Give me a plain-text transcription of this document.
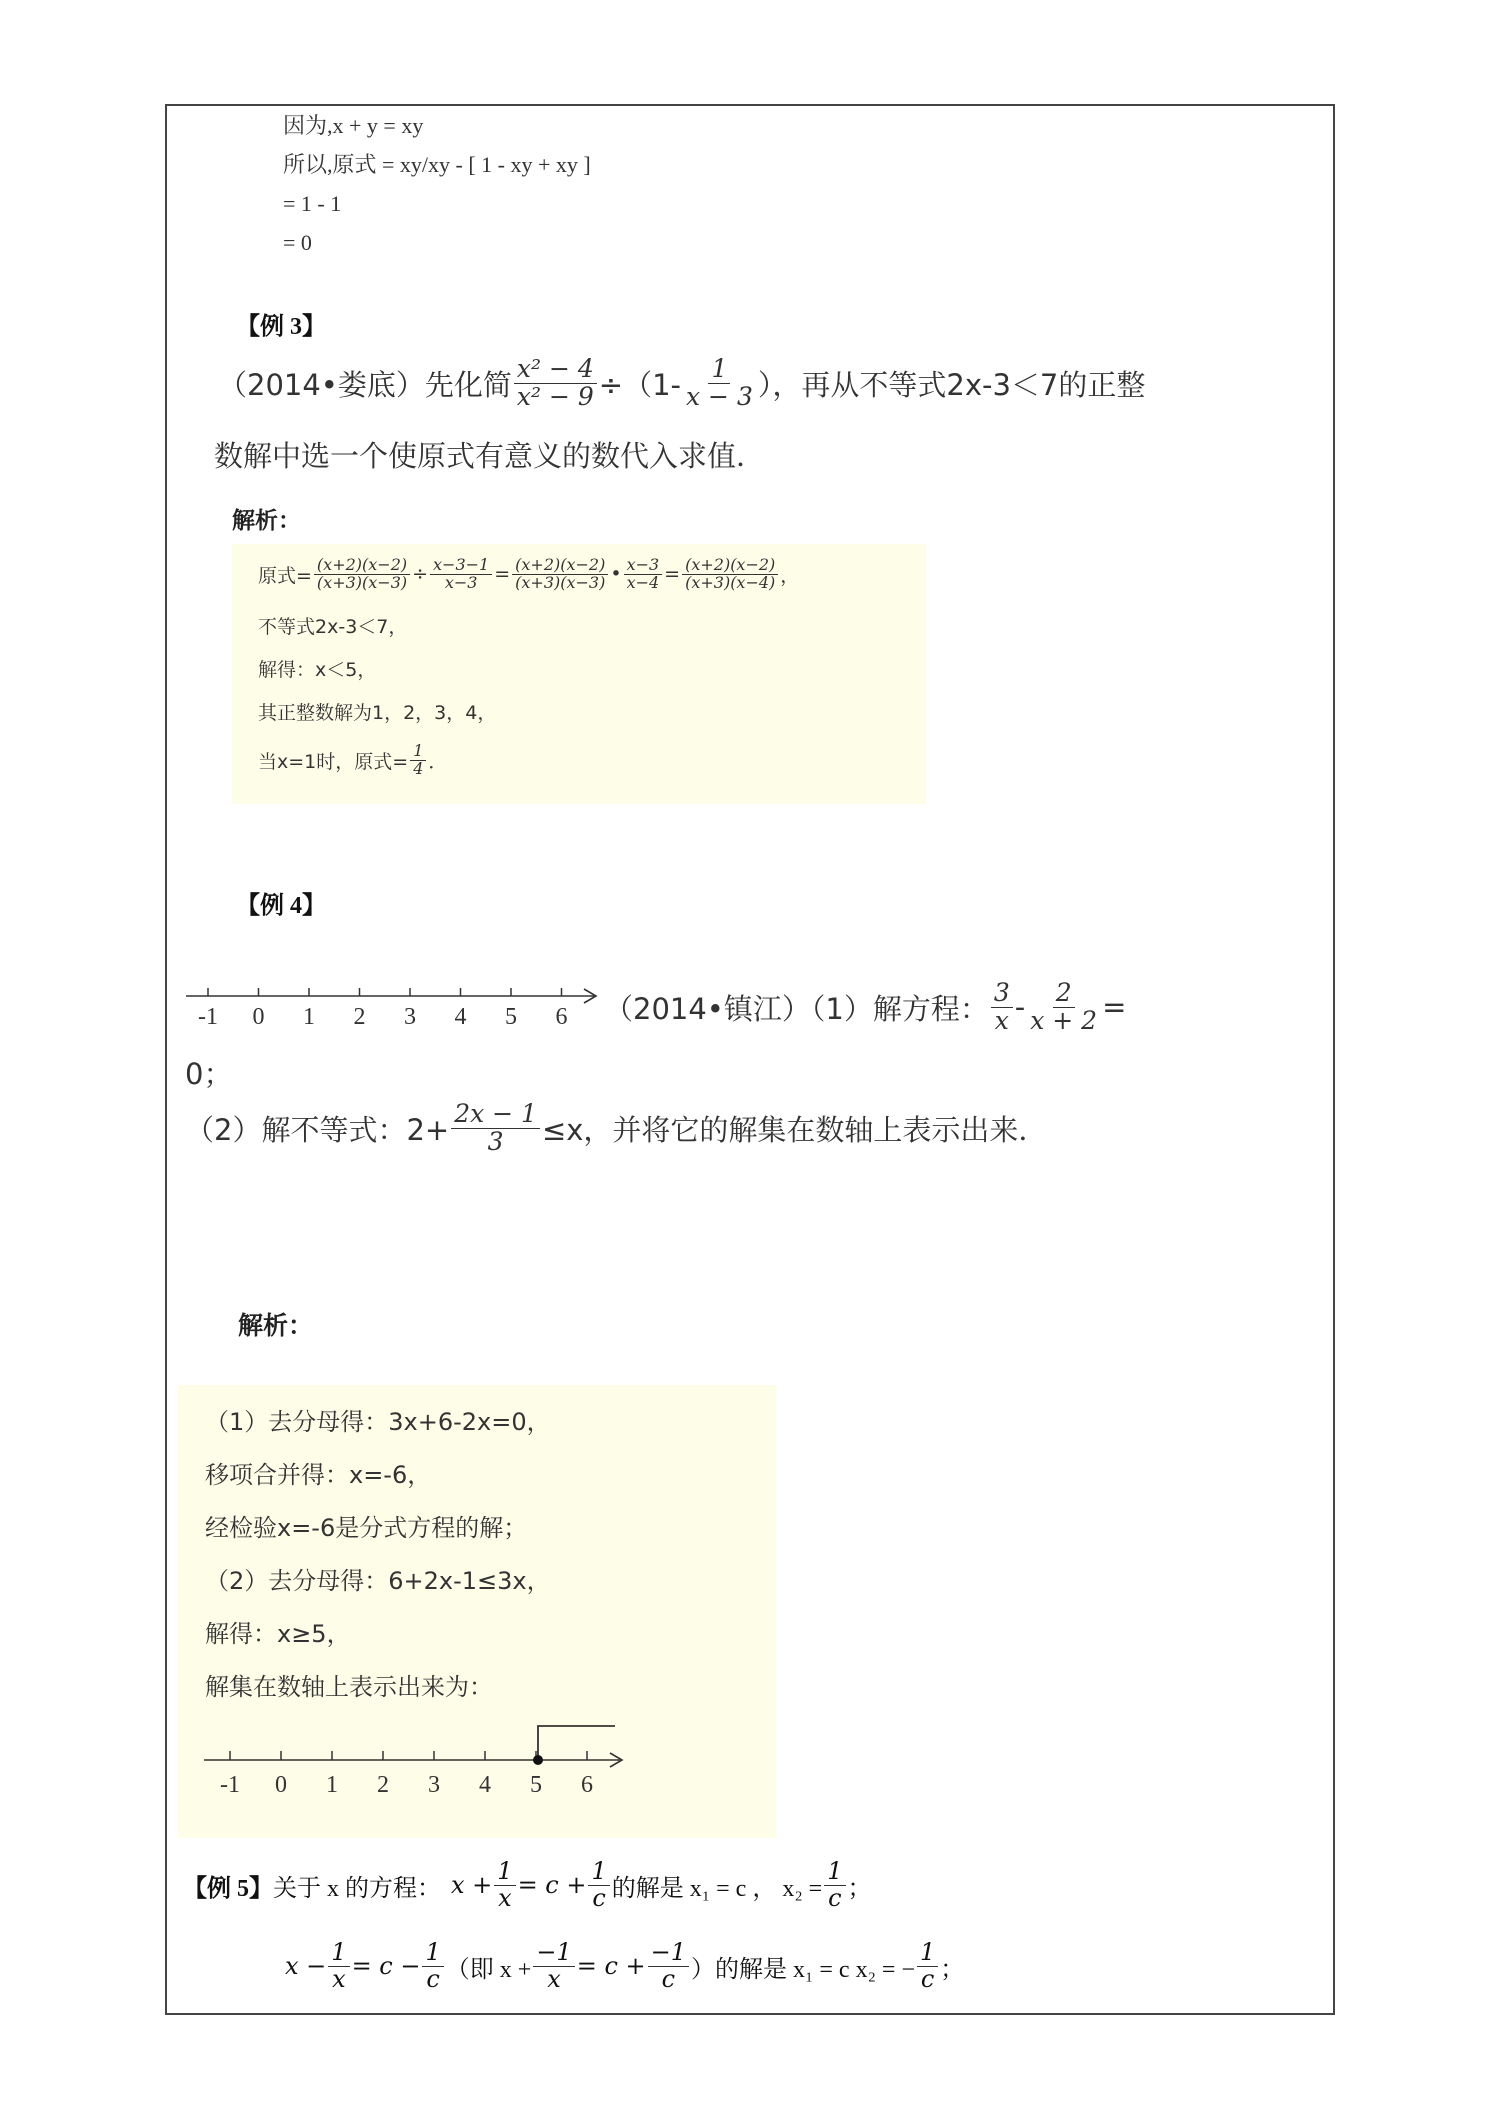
因为,x + y = xy
所以,原式 = xy/xy - [ 1 - xy + xy ]
= 1 - 1
= 0
【例 3】
（2014•娄底）先化简 $\frac{\text{x² − 4}}{\text{x² − 9}} \div(1- \frac{1}{x - 3}$ ），再从不等式2x-3＜7的正整
数解中选一个使原式有意义的数代入求值．
解析：
原式= $\frac{(x+2)(x-2)}{(x+3)(x-3)} \div \frac{x-3-1}{x-3} = \frac{(x+2)(x-2)}{(x+3)(x-3)}$ • $\frac{x-3}{x-4} = \frac{(x+2)(x-2)}{(x+3)(x-4)}$ ，
不等式2x-3＜7，
解得：x＜5，
其正整数解为1，2，3，4，
当x=1时，原式= $\frac{1}{4}$ ．
【例 4】
-1 0 1 2 3 4 5 6 （2014•镇江）（1）解方程： $\frac{3}{x} - \frac{2}{x + 2}$ =
0；
（2）解不等式：$2+ \frac{2x - 1}{3} \le x$，并将它的解集在数轴上表示出来．
解析：
（1）去分母得：3x+6-2x=0，
移项合并得：x=-6，
经检验x=-6是分式方程的解；
（2）去分母得：6+2x-1≤3x，
解得：x≥5，
解集在数轴上表示出来为：
-1 0 1 2 3 4 5 6
【例 5】 关于 x 的方程： $x + \frac{1}{x} = c + \frac{1}{c}$ 的解是 x₁ = c ， $x_2 = \frac{1}{c}$ ；
$x - \frac{1}{x} = c - \frac{1}{c}$ （即 $x + \frac{-1}{x} = c + \frac{-1}{c}$ ）的解是 x₁ = c x₂ = − $\frac{1}{c}$ ；
